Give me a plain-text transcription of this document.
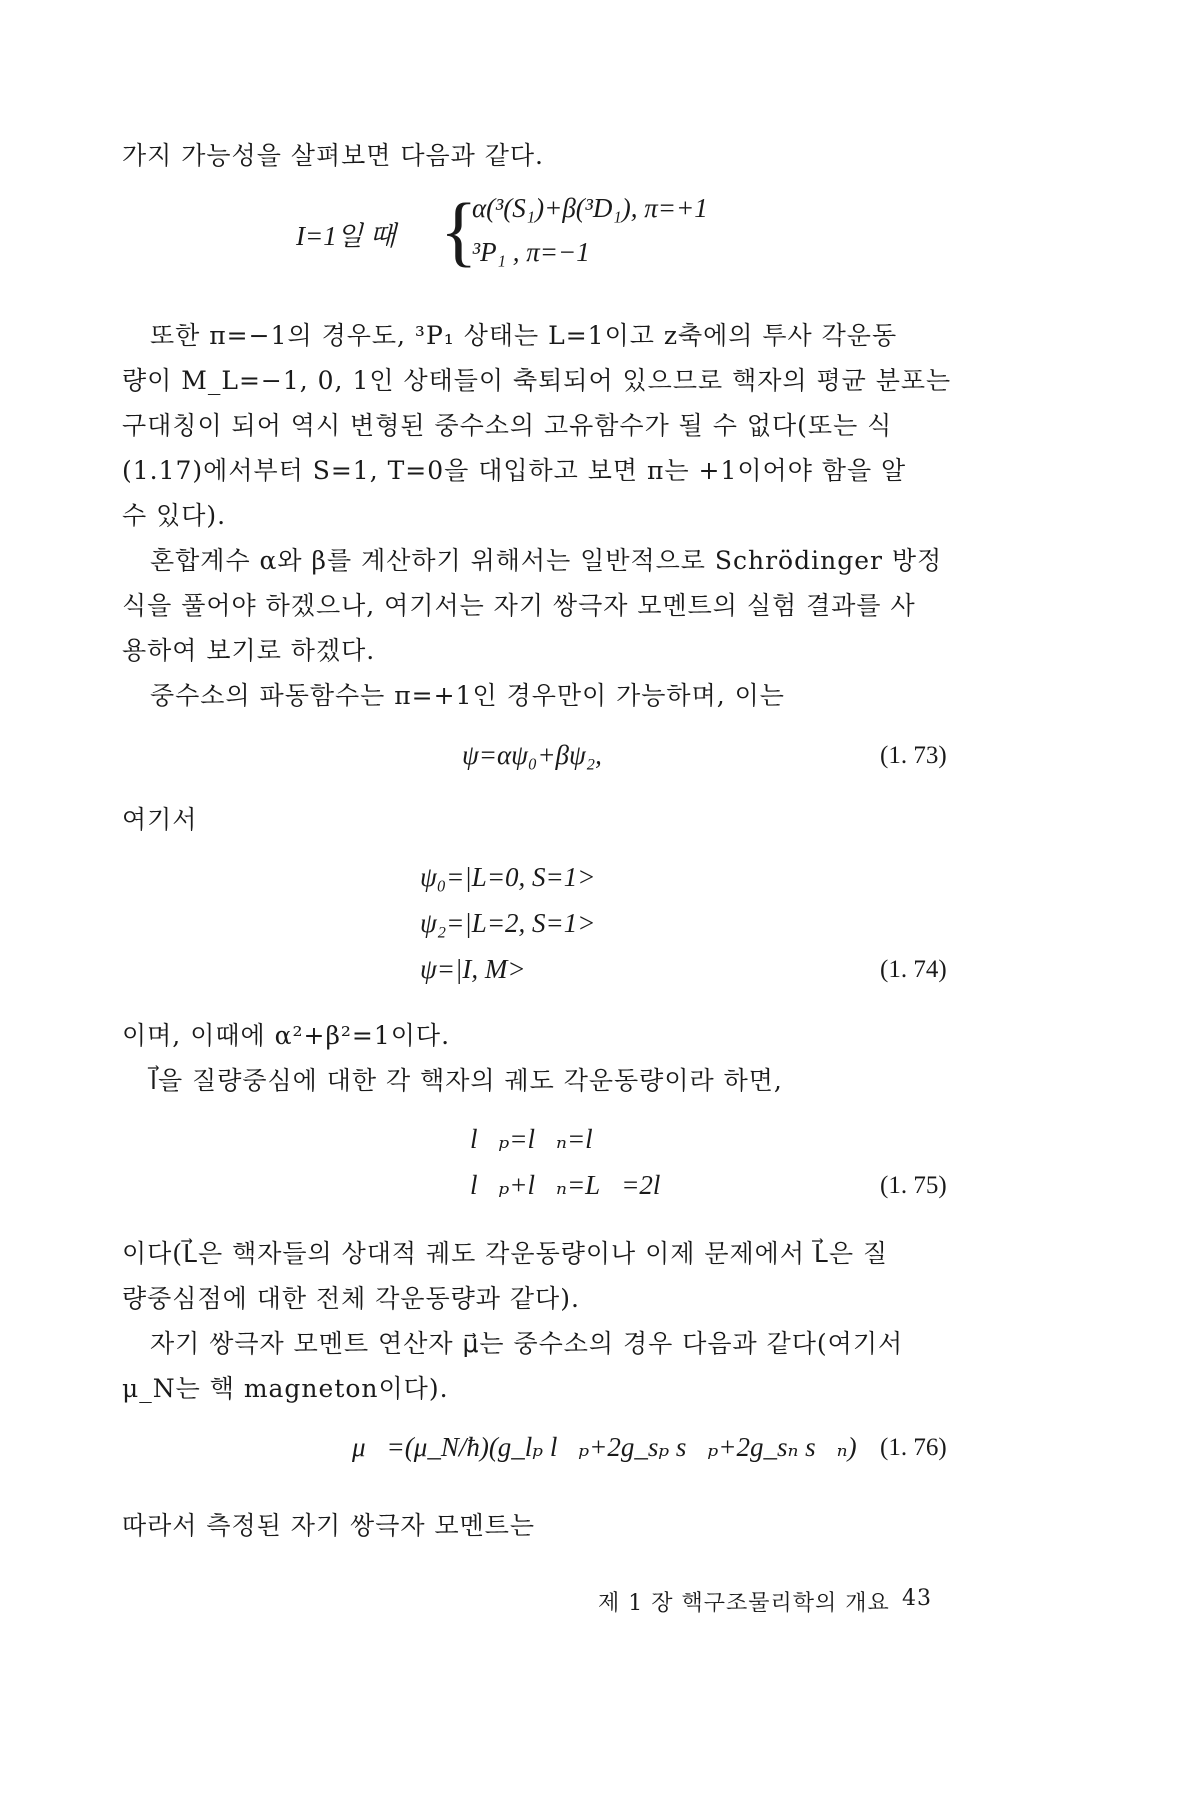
가지 가능성을 살펴보면 다음과 같다.
I=1일 때 {
α(³(S₁)+β(³D₁), π=+1
³P₁ , π=−1
또한 π=−1의 경우도, ³P₁ 상태는 L=1이고 z축에의 투사 각운동
량이 M_L=−1, 0, 1인 상태들이 축퇴되어 있으므로 핵자의 평균 분포는
구대칭이 되어 역시 변형된 중수소의 고유함수가 될 수 없다(또는 식
(1.17)에서부터 S=1, T=0을 대입하고 보면 π는 +1이어야 함을 알
수 있다).
혼합계수 α와 β를 계산하기 위해서는 일반적으로 Schrödinger 방정
식을 풀어야 하겠으나, 여기서는 자기 쌍극자 모멘트의 실험 결과를 사
용하여 보기로 하겠다.
중수소의 파동함수는 π=+1인 경우만이 가능하며, 이는
ψ=αψ₀+βψ₂,	(1. 73)
여기서
ψ₀=|L=0, S=1>
ψ₂=|L=2, S=1>
ψ=|I, M>	(1. 74)
이며, 이때에 α²+β²=1이다.
l⃗을 질량중심에 대한 각 핵자의 궤도 각운동량이라 하면,
l⃗ₚ=l⃗ₙ=l⃗
l⃗ₚ+l⃗ₙ=L⃗=2l⃗	(1. 75)
이다(L⃗은 핵자들의 상대적 궤도 각운동량이나 이제 문제에서 L⃗은 질
량중심점에 대한 전체 각운동량과 같다).
자기 쌍극자 모멘트 연산자 μ⃗는 중수소의 경우 다음과 같다(여기서
μ_N는 핵 magneton이다).
μ⃗=(μ_N/ħ)(g_lₚ l⃗ₚ+2g_sₚ s⃗ₚ+2g_sₙ s⃗ₙ) (1. 76)
따라서 측정된 자기 쌍극자 모멘트는
제 1 장 핵구조물리학의 개요 43
